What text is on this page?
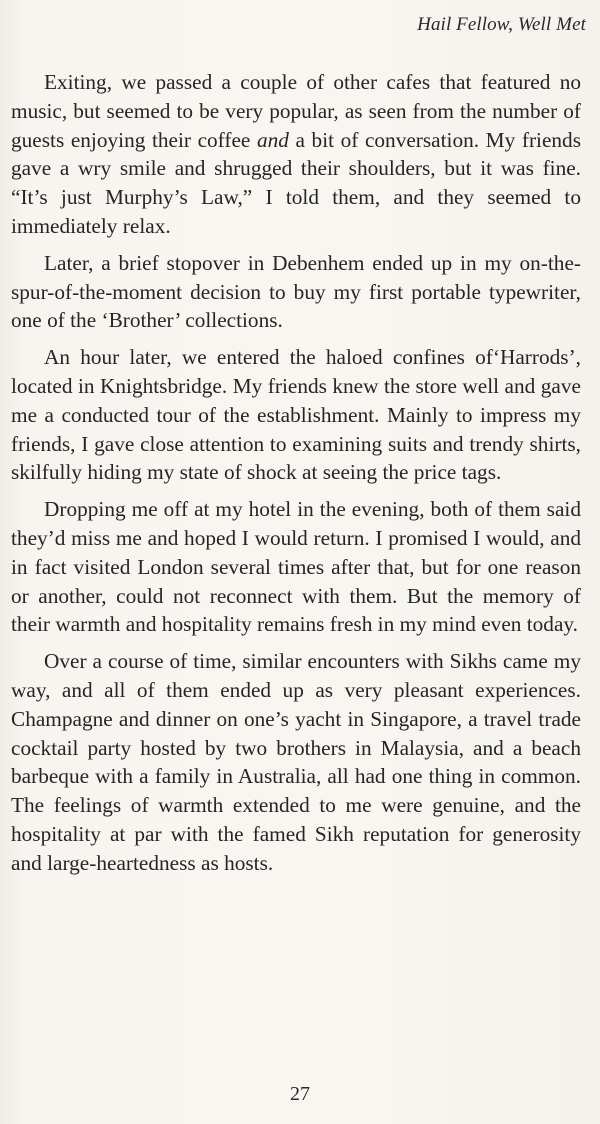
Hail Fellow, Well Met

Exiting, we passed a couple of other cafes that featured no music, but seemed to be very popular, as seen from the number of guests enjoying their coffee and a bit of conversation. My friends gave a wry smile and shrugged their shoulders, but it was fine. “It’s just Murphy’s Law,” I told them, and they seemed to immediately relax.

Later, a brief stopover in Debenhem ended up in my on-the-spur-of-the-moment decision to buy my first portable typewriter, one of the ‘Brother’ collections.

An hour later, we entered the haloed confines of‘Harrods’, located in Knightsbridge. My friends knew the store well and gave me a conducted tour of the establishment. Mainly to impress my friends, I gave close attention to examining suits and trendy shirts, skilfully hiding my state of shock at seeing the price tags.

Dropping me off at my hotel in the evening, both of them said they’d miss me and hoped I would return. I promised I would, and in fact visited London several times after that, but for one reason or another, could not reconnect with them. But the memory of their warmth and hospitality remains fresh in my mind even today.

Over a course of time, similar encounters with Sikhs came my way, and all of them ended up as very pleasant experiences. Champagne and dinner on one’s yacht in Singapore, a travel trade cocktail party hosted by two brothers in Malaysia, and a beach barbeque with a family in Australia, all had one thing in common. The feelings of warmth extended to me were genuine, and the hospitality at par with the famed Sikh reputation for generosity and large-heartedness as hosts.

27
